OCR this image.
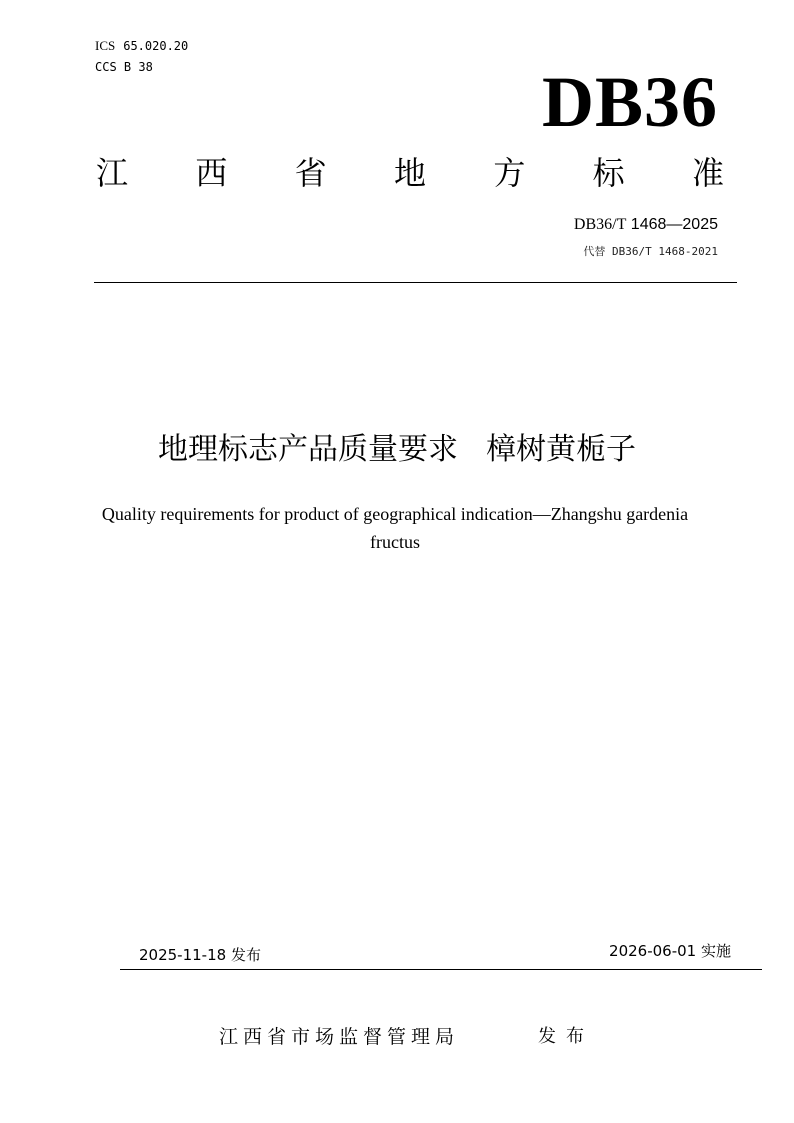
ICS 65.020.20
CCS B 38	DB36
江 西 省 地 方 标 准
DB36/T 1468—2025
代替 DB36/T 1468-2021
地理标志产品质量要求 樟树黄栀子
Quality requirements for product of geographical indication—Zhangshu gardenia fructus
2025-11-18 发布	2026-06-01 实施
江西省市场监督管理局	发布
